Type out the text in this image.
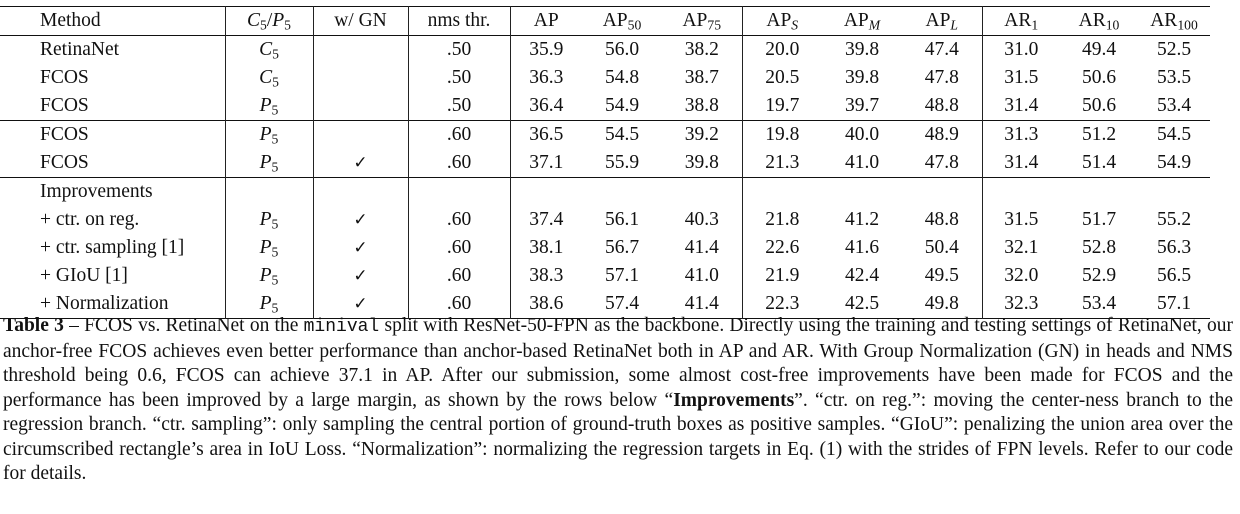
Method	$C_5/P_5$	w/ GN	nms thr.	AP	$AP_{50}$	$AP_{75}$	$AP_S$	$AP_M$	$AP_L$	$AR_1$	$AR_{10}$	$AR_{100}$
RetinaNet	$C_5$		.50	35.9	56.0	38.2	20.0	39.8	47.4	31.0	49.4	52.5
FCOS	$C_5$		.50	36.3	54.8	38.7	20.5	39.8	47.8	31.5	50.6	53.5
FCOS	$P_5$		.50	36.4	54.9	38.8	19.7	39.7	48.8	31.4	50.6	53.4
FCOS	$P_5$		.60	36.5	54.5	39.2	19.8	40.0	48.9	31.3	51.2	54.5
FCOS	$P_5$	✓	.60	37.1	55.9	39.8	21.3	41.0	47.8	31.4	51.4	54.9
Improvements												
+ ctr. on reg.	$P_5$	✓	.60	37.4	56.1	40.3	21.8	41.2	48.8	31.5	51.7	55.2
+ ctr. sampling [1]	$P_5$	✓	.60	38.1	56.7	41.4	22.6	41.6	50.4	32.1	52.8	56.3
+ GIoU [1]	$P_5$	✓	.60	38.3	57.1	41.0	21.9	42.4	49.5	32.0	52.9	56.5
+ Normalization	$P_5$	✓	.60	38.6	57.4	41.4	22.3	42.5	49.8	32.3	53.4	57.1
Table 3 – FCOS vs. RetinaNet on the minival split with ResNet-50-FPN as the backbone. Directly using the training and testing settings of RetinaNet, our anchor-free FCOS achieves even better performance than anchor-based RetinaNet both in AP and AR. With Group Normalization (GN) in heads and NMS threshold being 0.6, FCOS can achieve 37.1 in AP. After our submission, some almost cost-free improvements have been made for FCOS and the performance has been improved by a large margin, as shown by the rows below “Improvements”. “ctr. on reg.”: moving the center-ness branch to the regression branch. “ctr. sampling”: only sampling the central portion of ground-truth boxes as positive samples. “GIoU”: penalizing the union area over the circumscribed rectangle’s area in IoU Loss. “Normalization”: normalizing the regression targets in Eq. (1) with the strides of FPN levels. Refer to our code for details.
